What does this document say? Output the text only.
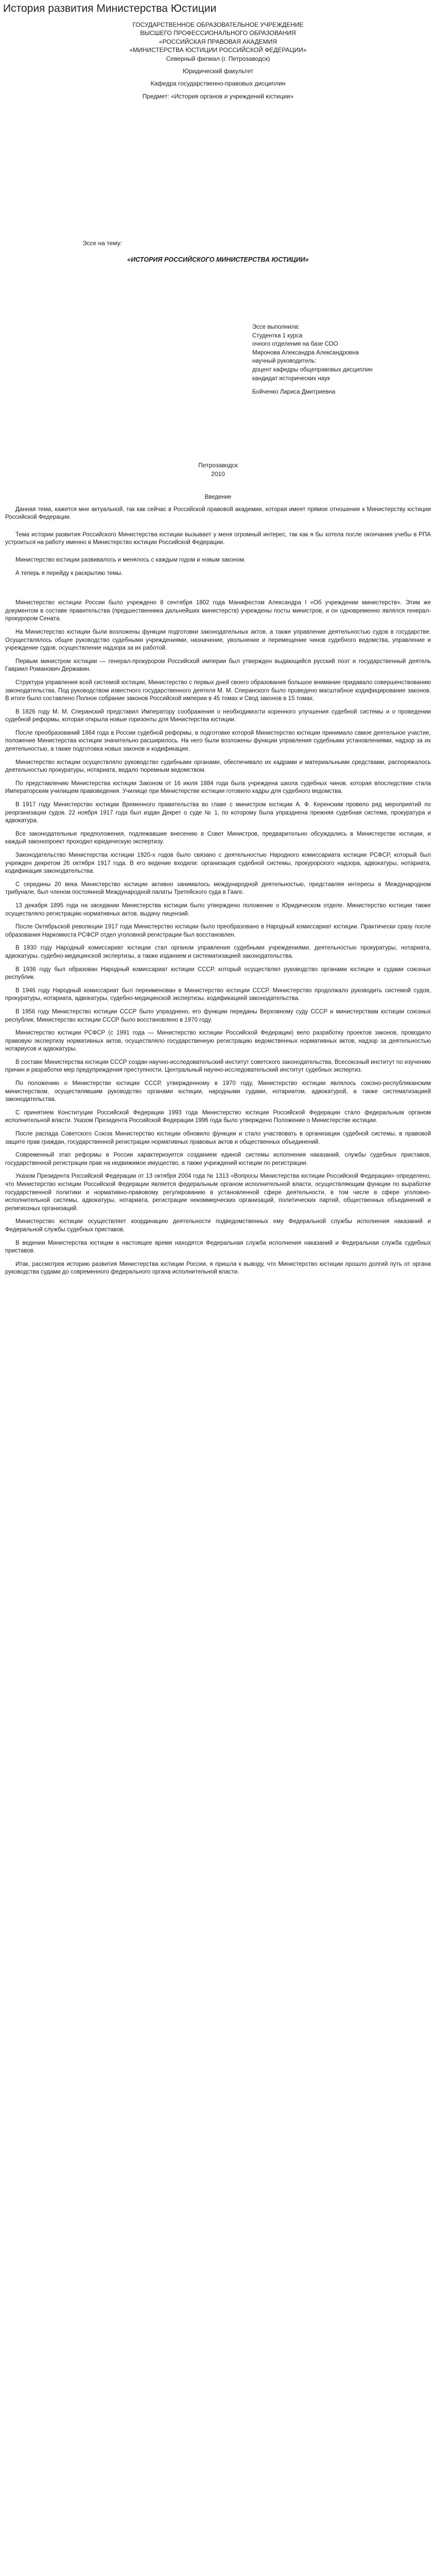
История развития Министерства Юстиции
ГОСУДАРСТВЕННОЕ ОБРАЗОВАТЕЛЬНОЕ УЧРЕЖДЕНИЕ
ВЫСШЕГО ПРОФЕССИОНАЛЬНОГО ОБРАЗОВАНИЯ
«РОССИЙСКАЯ ПРАВОВАЯ АКАДЕМИЯ
«МИНИСТЕРСТВА ЮСТИЦИИ РОССИЙСКОЙ ФЕДЕРАЦИИ»
Северный филиал (г. Петрозаводск)
Юридический факультет
Кафедра государственно-правовых дисциплин
Предмет: «История органов и учреждений юстиции»
Эссе на тему:
«ИСТОРИЯ РОССИЙСКОГО МИНИСТЕРСТВА ЮСТИЦИИ»
Эссе выполнила:
Студентка 1 курса
очного отделения на базе СОО
Миронова Александра Александровна
научный руководитель:
доцент кафедры общеправовых дисциплин
кандидат исторических наук
Бойченко Лариса Дмитриевна
Петрозаводск
2010

Введение

Данная тема, кажется мне актуальной, так как сейчас в Российской правовой академии, которая имеет прямое отношение к Министерству юстиции Российской Федерации.

Тема истории развития Российского Министерства юстиции вызывает у меня огромный интерес, так как я бы хотела после окончания учебы в РПА устроиться на работу именно в Министерство юстиции Российской Федерации.

Министерство юстиции развивалось и менялось с каждым годом и новым законом.

А теперь я перейду к раскрытию темы.

Министерство юстиции России было учреждено 8 сентября 1802 года Манифестом Александра I «Об учреждении министерств». Этим же документом в составе правительства (предшественника дальнейших министерств) учреждены посты министров, и он одновременно являлся генерал-прокурором Сената.

На Министерство юстиции были возложены функции подготовки законодательных актов, а также управление деятельностью судов в государстве. Осуществлялось общее руководство судебными учреждениями, назначение, увольнение и перемещение чинов судебного ведомства, управление и учреждение судов, осуществление надзора за их работой.

Первым министром юстиции — генерал-прокурором Российской империи был утвержден выдающийся русский поэт и государственный деятель Гавриил Романович Державин.

Структура управления всей системой юстиции, Министерство с первых дней своего образования большое внимание придавало совершенствованию законодательства. Под руководством известного государственного деятеля М. М. Сперанского было проведено масштабное кодифицирование законов. В итоге было составлено Полное собрание законов Российской империи в 45 томах и Свод законов в 15 томах.

В 1826 году М. М. Сперанский представил Императору соображения о необходимости коренного улучшения судебной системы и о проведении судебной реформы, которая открыла новые горизонты для Министерства юстиции.

После преобразований 1864 года в России судебной реформы, в подготовке которой Министерство юстиции принимало самое деятельное участие, положение Министерства юстиции значительно расширилось. На него были возложены функции управления судебными установлениями, надзор за их деятельностью, а также подготовка новых законов и кодификация.

Министерство юстиции осуществляло руководство судебными органами, обеспечивало их кадрами и материальными средствами, распоряжалось деятельностью прокуратуры, нотариата, ведало тюремным ведомством.

По представлению Министерства юстиции Законом от 16 июля 1884 года была учреждена школа судебных чинов, которая впоследствии стала Императорским училищем правоведения. Училище при Министерстве юстиции готовило кадры для судебного ведомства.

В 1917 году Министерство юстиции Временного правительства во главе с министром юстиции А. Ф. Керенским провело ряд мероприятий по реорганизации судов. 22 ноября 1917 года был издан Декрет о суде № 1, по которому была упразднена прежняя судебная система, прокуратура и адвокатура.

Все законодательные предположения, подлежавшие внесению в Совет Министров, предварительно обсуждались в Министерстве юстиции, и каждый законопроект проходил юридическую экспертизу.

Законодательство Министерства юстиции 1920-х годов было связано с деятельностью Народного комиссариата юстиции РСФСР, который был учрежден декретом 26 октября 1917 года. В его ведение входили: организация судебной системы, прокурорского надзора, адвокатуры, нотариата, кодификация законодательства.

С середины 20 века Министерство юстиции активно занималось международной деятельностью, представляя интересы в Международном трибунале, был членом постоянной Международной палаты Третейского суда в Гааге.

13 декабря 1895 года на заседании Министерства юстиции было утверждено положение о Юридическом отделе. Министерство юстиции также осуществляло регистрацию нормативных актов, выдачу лицензий.

После Октябрьской революции 1917 года Министерство юстиции было преобразовано в Народный комиссариат юстиции. Практически сразу после образования Наркомюста РСФСР отдел уголовной регистрации был восстановлен.

В 1930 году Народный комиссариат юстиции стал органом управления судебными учреждениями, деятельностью прокуратуры, нотариата, адвокатуры, судебно-медицинской экспертизы, а также изданием и систематизацией законодательства.

В 1936 году был образован Народный комиссариат юстиции СССР, который осуществлял руководство органами юстиции и судами союзных республик.

В 1946 году Народный комиссариат был переименован в Министерство юстиции СССР. Министерство продолжало руководить системой судов, прокуратуры, нотариата, адвокатуры, судебно-медицинской экспертизы, кодификацией законодательства.

В 1956 году Министерство юстиции СССР было упразднено, его функции переданы Верховному суду СССР и министерствам юстиции союзных республик. Министерство юстиции СССР было восстановлено в 1970 году.

Министерство юстиции РСФСР (с 1991 года — Министерство юстиции Российской Федерации) вело разработку проектов законов, проводило правовую экспертизу нормативных актов, осуществляло государственную регистрацию ведомственных нормативных актов, надзор за деятельностью нотариусов и адвокатуры.

В составе Министерства юстиции СССР создан научно-исследовательский институт советского законодательства, Всесоюзный институт по изучению причин и разработке мер предупреждения преступности, Центральный научно-исследовательский институт судебных экспертиз.

По положению о Министерстве юстиции СССР, утвержденному в 1970 году, Министерство юстиции являлось союзно-республиканским министерством, осуществлявшим руководство органами юстиции, народными судами, нотариатом, адвокатурой, а также систематизацией законодательства.

С принятием Конституции Российской Федерации 1993 года Министерство юстиции Российской Федерации стало федеральным органом исполнительной власти. Указом Президента Российской Федерации 1996 года было утверждено Положение о Министерстве юстиции.

После распада Советского Союза Министерство юстиции обновило функции и стало участвовать в организации судебной системы, в правовой защите прав граждан, государственной регистрации нормативных правовых актов и общественных объединений.

Современный этап реформы в России характеризуется созданием единой системы исполнения наказаний, службы судебных приставов, государственной регистрации прав на недвижимое имущество, а также учреждений юстиции по регистрации.

Указом Президента Российской Федерации от 13 октября 2004 года № 1313 «Вопросы Министерства юстиции Российской Федерации» определено, что Министерство юстиции Российской Федерации является федеральным органом исполнительной власти, осуществляющим функции по выработке государственной политики и нормативно-правовому регулированию в установленной сфере деятельности, в том числе в сфере уголовно-исполнительной системы, адвокатуры, нотариата, регистрации некоммерческих организаций, политических партий, общественных объединений и религиозных организаций.

Министерство юстиции осуществляет координацию деятельности подведомственных ему Федеральной службы исполнения наказаний и Федеральной службы судебных приставов.

В ведении Министерства юстиции в настоящее время находятся Федеральная служба исполнения наказаний и Федеральная служба судебных приставов.

Итак, рассмотрев историю развития Министерства юстиции России, я пришла к выводу, что Министерство юстиции прошло долгий путь от органа руководства судами до современного федерального органа исполнительной власти.
